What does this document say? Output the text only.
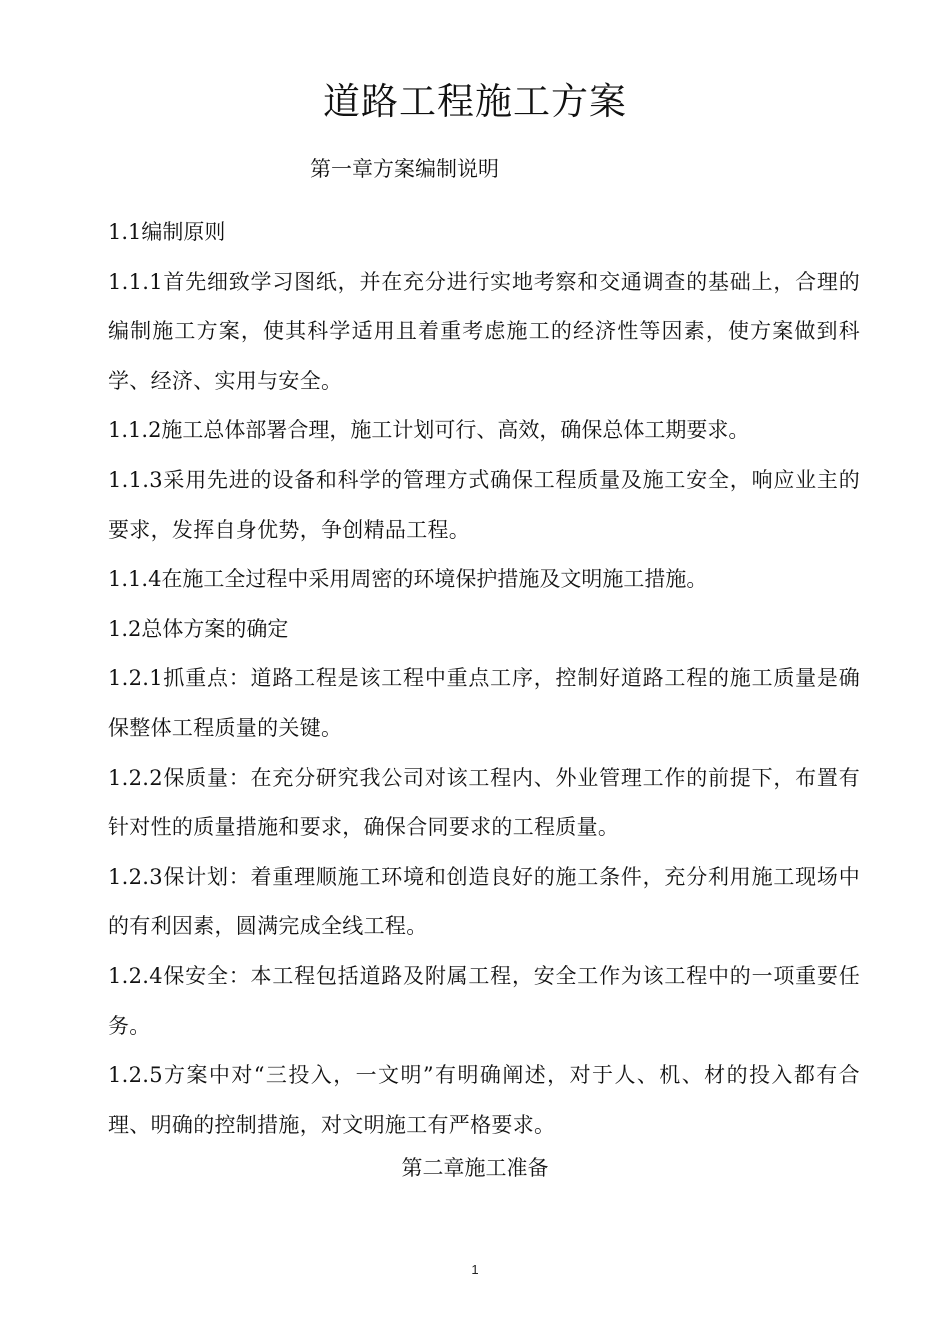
道路工程施工方案
第一章方案编制说明

1.1编制原则

1.1.1首先细致学习图纸，并在充分进行实地考察和交通调查的基础上，合理的编制施工方案，使其科学适用且着重考虑施工的经济性等因素，使方案做到科学、经济、实用与安全。

1.1.2施工总体部署合理，施工计划可行、高效，确保总体工期要求。

1.1.3采用先进的设备和科学的管理方式确保工程质量及施工安全，响应业主的要求，发挥自身优势，争创精品工程。

1.1.4在施工全过程中采用周密的环境保护措施及文明施工措施。

1.2总体方案的确定

1.2.1抓重点：道路工程是该工程中重点工序，控制好道路工程的施工质量是确保整体工程质量的关键。

1.2.2保质量：在充分研究我公司对该工程内、外业管理工作的前提下，布置有针对性的质量措施和要求，确保合同要求的工程质量。

1.2.3保计划：着重理顺施工环境和创造良好的施工条件，充分利用施工现场中的有利因素，圆满完成全线工程。

1.2.4保安全：本工程包括道路及附属工程，安全工作为该工程中的一项重要任务。

1.2.5方案中对“三投入，一文明”有明确阐述，对于人、机、材的投入都有合理、明确的控制措施，对文明施工有严格要求。

第二章施工准备
1
